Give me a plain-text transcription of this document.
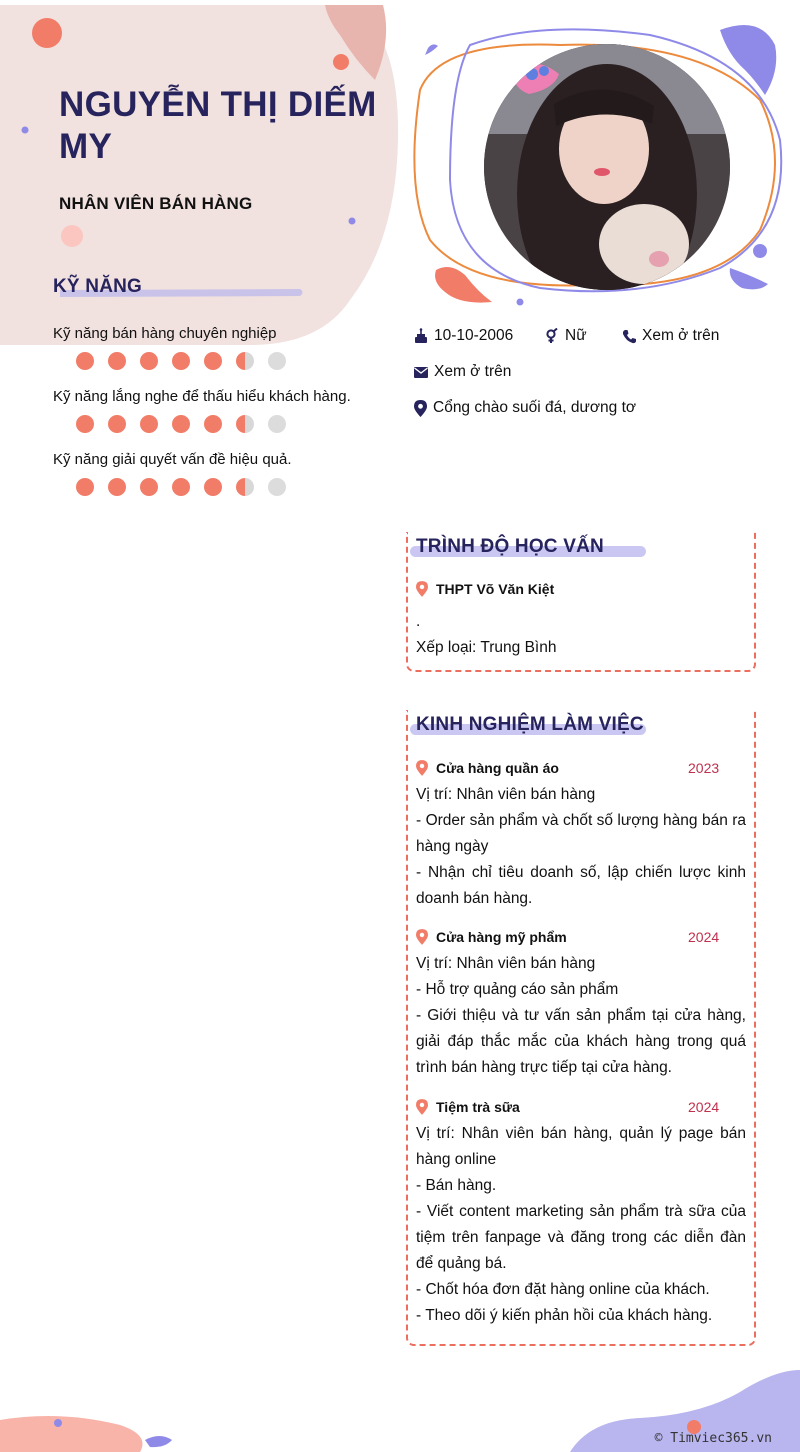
NGUYỄN THỊ DIẾM MY
NHÂN VIÊN BÁN HÀNG
KỸ NĂNG
Kỹ năng bán hàng chuyên nghiệp
Kỹ năng lắng nghe để thấu hiểu khách hàng.
Kỹ năng giải quyết vấn đề hiệu quả.
10-10-2006	Nữ	Xem ở trên
Xem ở trên
Cổng chào suối đá, dương tơ
TRÌNH ĐỘ HỌC VẤN
THPT Võ Văn Kiệt
.
Xếp loại: Trung Bình
KINH NGHIỆM LÀM VIỆC
Cửa hàng quần áo	2023
Vị trí: Nhân viên bán hàng
- Order sản phẩm và chốt số lượng hàng bán ra hàng ngày
- Nhận chỉ tiêu doanh số, lập chiến lược kinh doanh bán hàng.
Cửa hàng mỹ phẩm	2024
Vị trí: Nhân viên bán hàng
- Hỗ trợ quảng cáo sản phẩm
- Giới thiệu và tư vấn sản phẩm tại cửa hàng, giải đáp thắc mắc của khách hàng trong quá trình bán hàng trực tiếp tại cửa hàng.
Tiệm trà sữa	2024
Vị trí: Nhân viên bán hàng, quản lý page bán hàng online
- Bán hàng.
- Viết content marketing sản phẩm trà sữa của tiệm trên fanpage và đăng trong các diễn đàn để quảng bá.
- Chốt hóa đơn đặt hàng online của khách.
- Theo dõi ý kiến phản hồi của khách hàng.
© Timviec365.vn
